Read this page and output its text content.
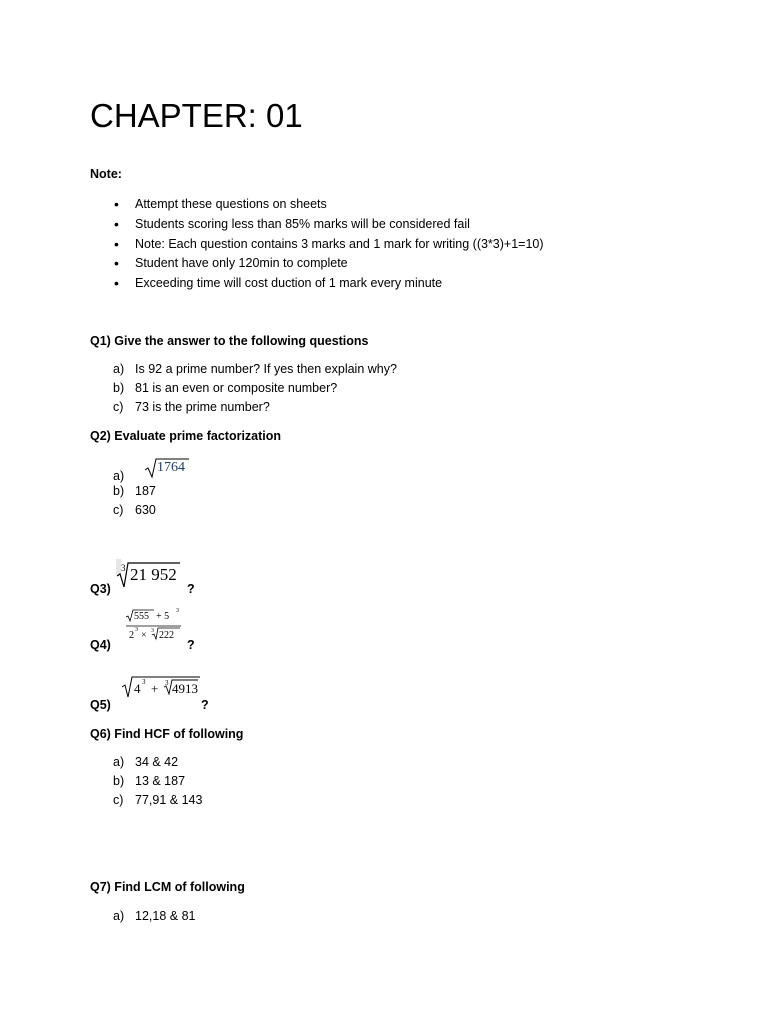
CHAPTER: 01
Note:
• Attempt these questions on sheets
• Students scoring less than 85% marks will be considered fail
• Note: Each question contains 3 marks and 1 mark for writing ((3*3)+1=10)
• Student have only 120min to complete
• Exceeding time will cost duction of 1 mark every minute
Q1) Give the answer to the following questions
a) Is 92 a prime number? If yes then explain why?
b) 81 is an even or composite number?
c) 73 is the prime number?
Q2) Evaluate prime factorization
a)
1764
b) 187
c) 630
Q3)
3 21 952
?
Q4)
555 + 5 3
2 3 × 3 222
?
Q5)
4 3 + 3 4913
?
Q6) Find HCF of following
a) 34 & 42
b) 13 & 187
c) 77,91 & 143
Q7) Find LCM of following
a) 12,18 & 81
